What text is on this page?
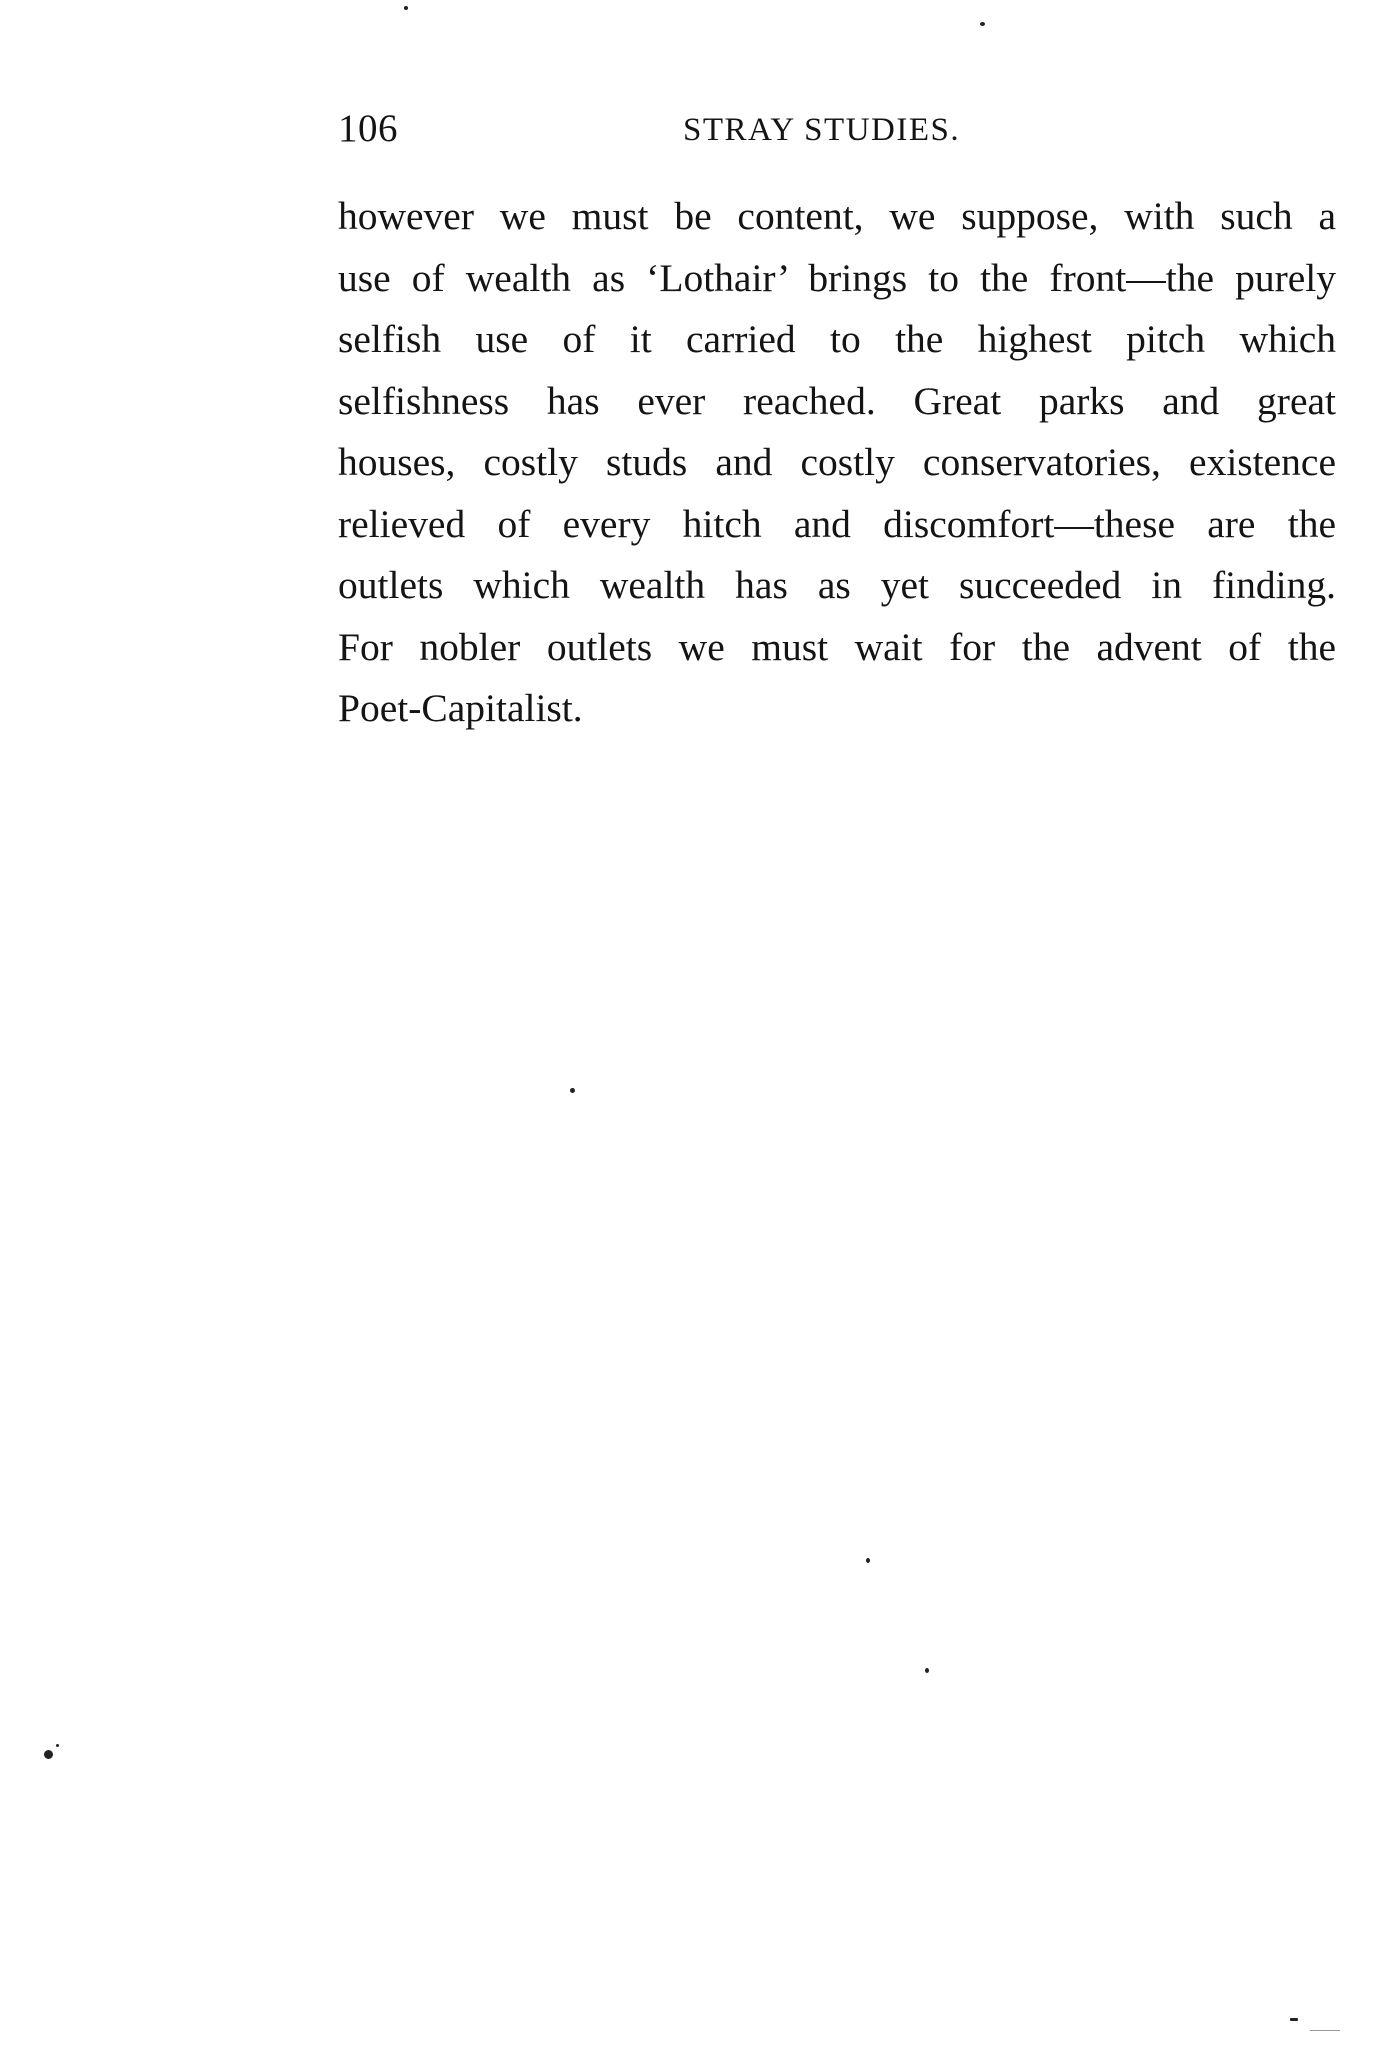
106	STRAY STUDIES.
however we must be content, we suppose, with such a
use of wealth as ‘Lothair’ brings to the front—the purely
selfish use of it carried to the highest pitch which
selfishness has ever reached. Great parks and great
houses, costly studs and costly conservatories, existence
relieved of every hitch and discomfort—these are the
outlets which wealth has as yet succeeded in finding.
For nobler outlets we must wait for the advent of the
Poet-Capitalist.
